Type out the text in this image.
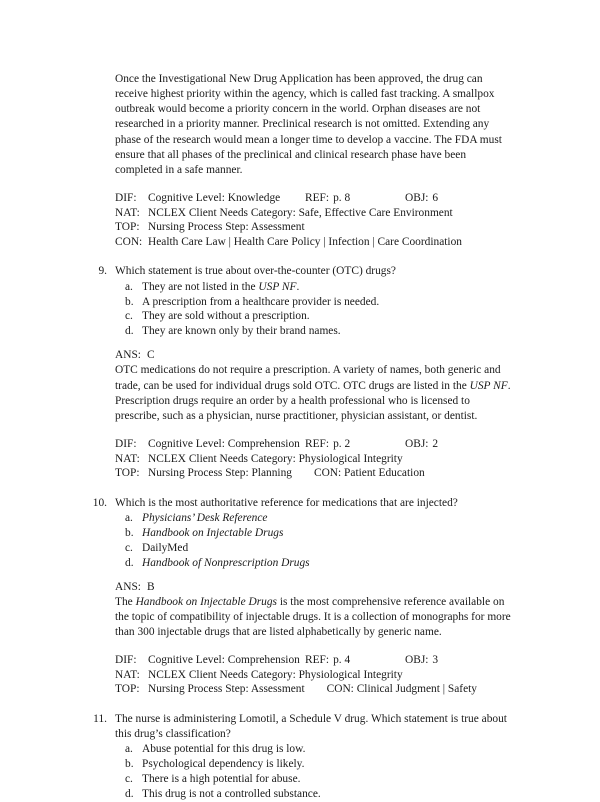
Once the Investigational New Drug Application has been approved, the drug can receive highest priority within the agency, which is called fast tracking. A smallpox outbreak would become a priority concern in the world. Orphan diseases are not researched in a priority manner. Preclinical research is not omitted. Extending any phase of the research would mean a longer time to develop a vaccine. The FDA must ensure that all phases of the preclinical and clinical research phase have been completed in a safe manner.

DIF: Cognitive Level: Knowledge REF: p. 8	OBJ: 6
NAT: NCLEX Client Needs Category: Safe, Effective Care Environment
TOP: Nursing Process Step: Assessment
CON: Health Care Law | Health Care Policy | Infection | Care Coordination
9. Which statement is true about over-the-counter (OTC) drugs?

a. They are not listed in the USP NF.
b. A prescription from a healthcare provider is needed.
c. They are sold without a prescription.
d. They are known only by their brand names.
ANS: C

OTC medications do not require a prescription. A variety of names, both generic and trade, can be used for individual drugs sold OTC. OTC drugs are listed in the USP NF. Prescription drugs require an order by a health professional who is licensed to prescribe, such as a physician, nurse practitioner, physician assistant, or dentist.

DIF: Cognitive Level: Comprehension REF: p. 2	OBJ: 2
NAT: NCLEX Client Needs Category: Physiological Integrity
TOP: Nursing Process Step: Planning CON: Patient Education
10. Which is the most authoritative reference for medications that are injected?

a. Physicians’ Desk Reference
b. Handbook on Injectable Drugs
c. DailyMed
d. Handbook of Nonprescription Drugs
ANS: B

The Handbook on Injectable Drugs is the most comprehensive reference available on the topic of compatibility of injectable drugs. It is a collection of monographs for more than 300 injectable drugs that are listed alphabetically by generic name.

DIF: Cognitive Level: Comprehension REF: p. 4	OBJ: 3
NAT: NCLEX Client Needs Category: Physiological Integrity
TOP: Nursing Process Step: Assessment CON: Clinical Judgment | Safety
11. The nurse is administering Lomotil, a Schedule V drug. Which statement is true about this drug’s classification?

a. Abuse potential for this drug is low.
b. Psychological dependency is likely.
c. There is a high potential for abuse.
d. This drug is not a controlled substance.
